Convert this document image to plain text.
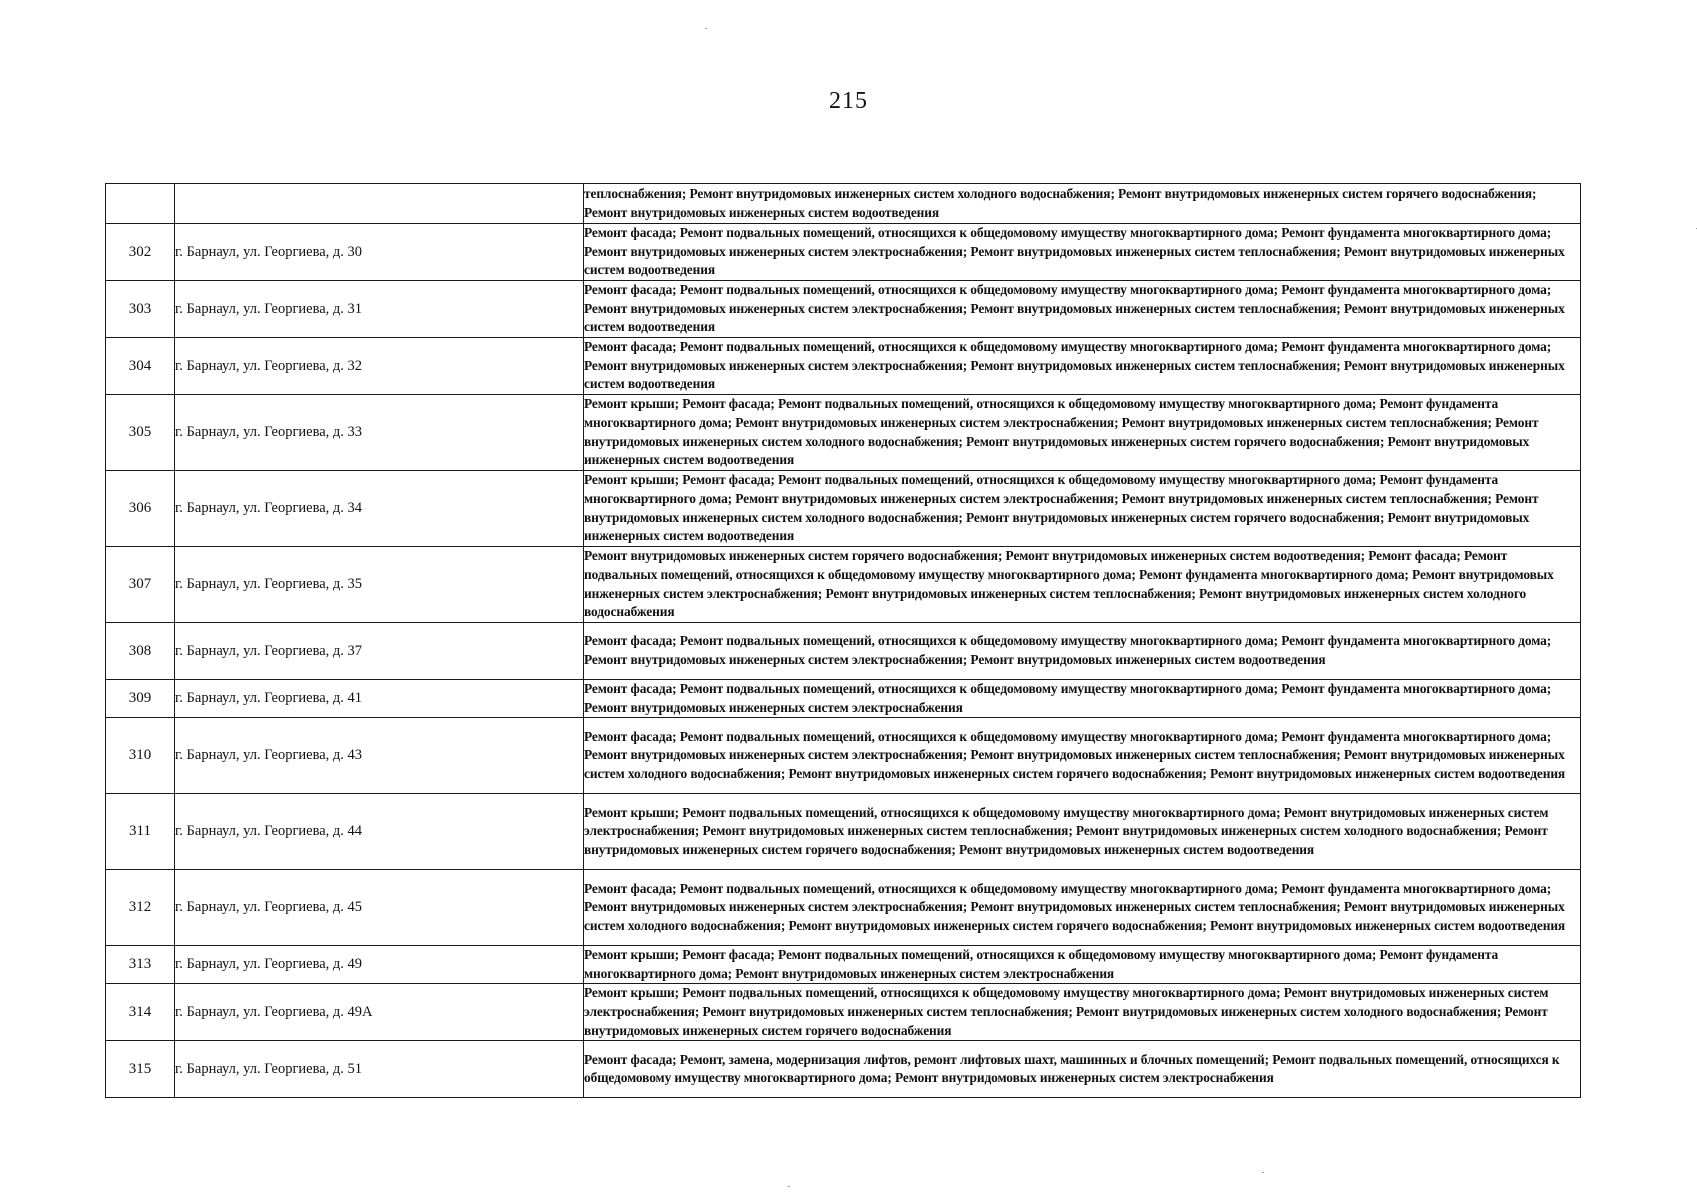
215
		теплоснабжения; Ремонт внутридомовых инженерных систем холодного водоснабжения; Ремонт внутридомовых инженерных систем горячего водоснабжения; Ремонт внутридомовых инженерных систем водоотведения
302	г. Барнаул, ул. Георгиева, д. 30	Ремонт фасада; Ремонт подвальных помещений, относящихся к общедомовому имуществу многоквартирного дома; Ремонт фундамента многоквартирного дома; Ремонт внутридомовых инженерных систем электроснабжения; Ремонт внутридомовых инженерных систем теплоснабжения; Ремонт внутридомовых инженерных систем водоотведения
303	г. Барнаул, ул. Георгиева, д. 31	Ремонт фасада; Ремонт подвальных помещений, относящихся к общедомовому имуществу многоквартирного дома; Ремонт фундамента многоквартирного дома; Ремонт внутридомовых инженерных систем электроснабжения; Ремонт внутридомовых инженерных систем теплоснабжения; Ремонт внутридомовых инженерных систем водоотведения
304	г. Барнаул, ул. Георгиева, д. 32	Ремонт фасада; Ремонт подвальных помещений, относящихся к общедомовому имуществу многоквартирного дома; Ремонт фундамента многоквартирного дома; Ремонт внутридомовых инженерных систем электроснабжения; Ремонт внутридомовых инженерных систем теплоснабжения; Ремонт внутридомовых инженерных систем водоотведения
305	г. Барнаул, ул. Георгиева, д. 33	Ремонт крыши; Ремонт фасада; Ремонт подвальных помещений, относящихся к общедомовому имуществу многоквартирного дома; Ремонт фундамента многоквартирного дома; Ремонт внутридомовых инженерных систем электроснабжения; Ремонт внутридомовых инженерных систем теплоснабжения; Ремонт внутридомовых инженерных систем холодного водоснабжения; Ремонт внутридомовых инженерных систем горячего водоснабжения; Ремонт внутридомовых инженерных систем водоотведения
306	г. Барнаул, ул. Георгиева, д. 34	Ремонт крыши; Ремонт фасада; Ремонт подвальных помещений, относящихся к общедомовому имуществу многоквартирного дома; Ремонт фундамента многоквартирного дома; Ремонт внутридомовых инженерных систем электроснабжения; Ремонт внутридомовых инженерных систем теплоснабжения; Ремонт внутридомовых инженерных систем холодного водоснабжения; Ремонт внутридомовых инженерных систем горячего водоснабжения; Ремонт внутридомовых инженерных систем водоотведения
307	г. Барнаул, ул. Георгиева, д. 35	Ремонт внутридомовых инженерных систем горячего водоснабжения; Ремонт внутридомовых инженерных систем водоотведения; Ремонт фасада; Ремонт подвальных помещений, относящихся к общедомовому имуществу многоквартирного дома; Ремонт фундамента многоквартирного дома; Ремонт внутридомовых инженерных систем электроснабжения; Ремонт внутридомовых инженерных систем теплоснабжения; Ремонт внутридомовых инженерных систем холодного водоснабжения
308	г. Барнаул, ул. Георгиева, д. 37	Ремонт фасада; Ремонт подвальных помещений, относящихся к общедомовому имуществу многоквартирного дома; Ремонт фундамента многоквартирного дома; Ремонт внутридомовых инженерных систем электроснабжения; Ремонт внутридомовых инженерных систем водоотведения
309	г. Барнаул, ул. Георгиева, д. 41	Ремонт фасада; Ремонт подвальных помещений, относящихся к общедомовому имуществу многоквартирного дома; Ремонт фундамента многоквартирного дома; Ремонт внутридомовых инженерных систем электроснабжения
310	г. Барнаул, ул. Георгиева, д. 43	Ремонт фасада; Ремонт подвальных помещений, относящихся к общедомовому имуществу многоквартирного дома; Ремонт фундамента многоквартирного дома; Ремонт внутридомовых инженерных систем электроснабжения; Ремонт внутридомовых инженерных систем теплоснабжения; Ремонт внутридомовых инженерных систем холодного водоснабжения; Ремонт внутридомовых инженерных систем горячего водоснабжения; Ремонт внутридомовых инженерных систем водоотведения
311	г. Барнаул, ул. Георгиева, д. 44	Ремонт крыши; Ремонт подвальных помещений, относящихся к общедомовому имуществу многоквартирного дома; Ремонт внутридомовых инженерных систем электроснабжения; Ремонт внутридомовых инженерных систем теплоснабжения; Ремонт внутридомовых инженерных систем холодного водоснабжения; Ремонт внутридомовых инженерных систем горячего водоснабжения; Ремонт внутридомовых инженерных систем водоотведения
312	г. Барнаул, ул. Георгиева, д. 45	Ремонт фасада; Ремонт подвальных помещений, относящихся к общедомовому имуществу многоквартирного дома; Ремонт фундамента многоквартирного дома; Ремонт внутридомовых инженерных систем электроснабжения; Ремонт внутридомовых инженерных систем теплоснабжения; Ремонт внутридомовых инженерных систем холодного водоснабжения; Ремонт внутридомовых инженерных систем горячего водоснабжения; Ремонт внутридомовых инженерных систем водоотведения
313	г. Барнаул, ул. Георгиева, д. 49	Ремонт крыши; Ремонт фасада; Ремонт подвальных помещений, относящихся к общедомовому имуществу многоквартирного дома; Ремонт фундамента многоквартирного дома; Ремонт внутридомовых инженерных систем электроснабжения
314	г. Барнаул, ул. Георгиева, д. 49А	Ремонт крыши; Ремонт подвальных помещений, относящихся к общедомовому имуществу многоквартирного дома; Ремонт внутридомовых инженерных систем электроснабжения; Ремонт внутридомовых инженерных систем теплоснабжения; Ремонт внутридомовых инженерных систем холодного водоснабжения; Ремонт внутридомовых инженерных систем горячего водоснабжения
315	г. Барнаул, ул. Георгиева, д. 51	Ремонт фасада; Ремонт, замена, модернизация лифтов, ремонт лифтовых шахт, машинных и блочных помещений; Ремонт подвальных помещений, относящихся к общедомовому имуществу многоквартирного дома; Ремонт внутридомовых инженерных систем электроснабжения
